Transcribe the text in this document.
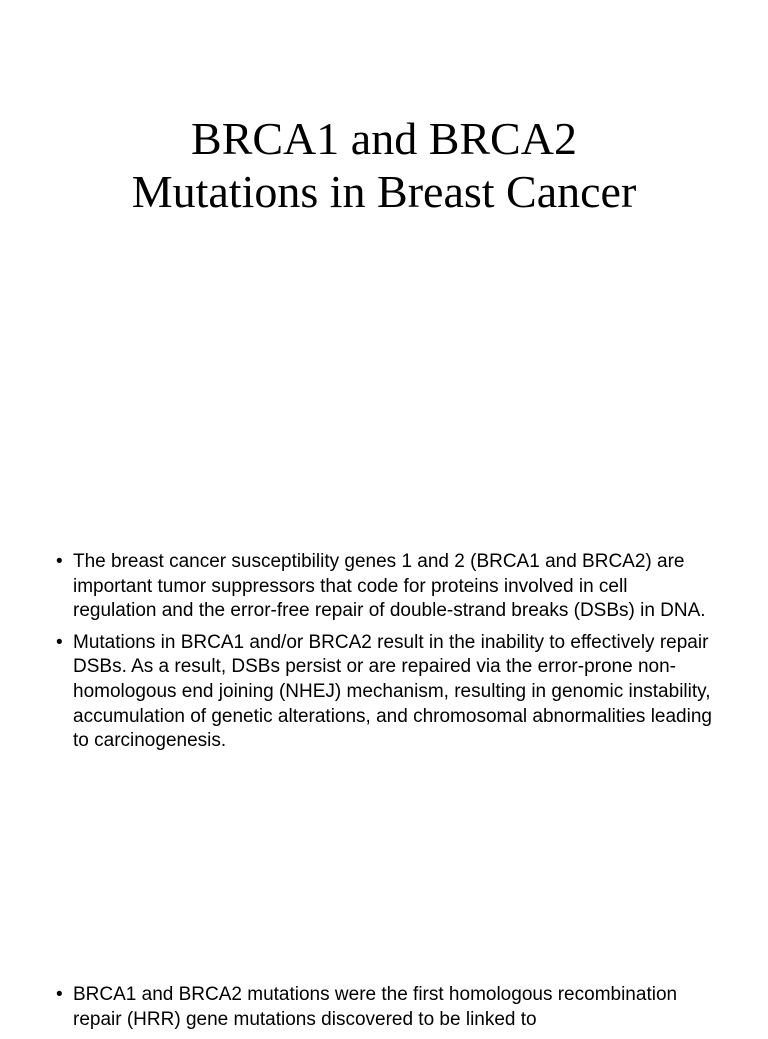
BRCA1 and BRCA2
Mutations in Breast Cancer
• The breast cancer susceptibility genes 1 and 2 (BRCA1 and BRCA2) are important tumor suppressors that code for proteins involved in cell regulation and the error-free repair of double-strand breaks (DSBs) in DNA.
• Mutations in BRCA1 and/or BRCA2 result in the inability to effectively repair DSBs. As a result, DSBs persist or are repaired via the error-prone non-homologous end joining (NHEJ) mechanism, resulting in genomic instability, accumulation of genetic alterations, and chromosomal abnormalities leading to carcinogenesis.
• BRCA1 and BRCA2 mutations were the first homologous recombination repair (HRR) gene mutations discovered to be linked to
